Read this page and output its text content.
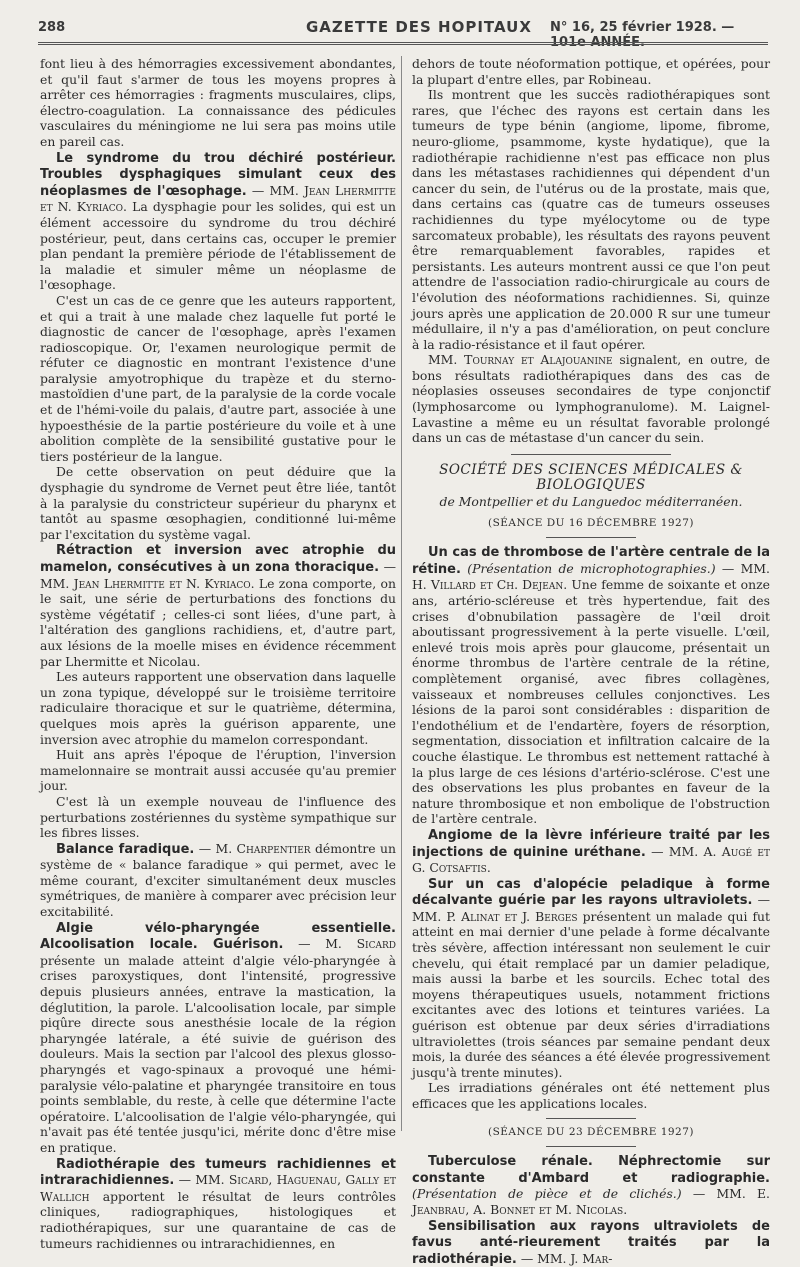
288	GAZETTE DES HOPITAUX N° 16, 25 février 1928. — 101e ANNÉE.

font lieu à des hémorragies excessivement abondantes, et qu'il faut s'armer de tous les moyens propres à arrêter ces hémorragies : fragments musculaires, clips, électro-coagulation. La connaissance des pédicules vasculaires du méningiome ne lui sera pas moins utile en pareil cas.

Le syndrome du trou déchiré postérieur. Troubles dysphagiques simulant ceux des néoplasmes de l'œsophage. — MM. Jean Lhermitte et N. Kyriaco. La dysphagie pour les solides, qui est un élément accessoire du syndrome du trou déchiré postérieur, peut, dans certains cas, occuper le premier plan pendant la première période de l'établissement de la maladie et simuler même un néoplasme de l'œsophage.

C'est un cas de ce genre que les auteurs rapportent, et qui a trait à une malade chez laquelle fut porté le diagnostic de cancer de l'œsophage, après l'examen radioscopique. Or, l'examen neurologique permit de réfuter ce diagnostic en montrant l'existence d'une paralysie amyotrophique du trapèze et du sterno-mastoïdien d'une part, de la paralysie de la corde vocale et de l'hémi-voile du palais, d'autre part, associée à une hypoesthésie de la partie postérieure du voile et à une abolition complète de la sensibilité gustative pour le tiers postérieur de la langue.

De cette observation on peut déduire que la dysphagie du syndrome de Vernet peut être liée, tantôt à la paralysie du constricteur supérieur du pharynx et tantôt au spasme œsophagien, conditionné lui-même par l'excitation du système vagal.

Rétraction et inversion avec atrophie du mamelon, consécutives à un zona thoracique. — MM. Jean Lhermitte et N. Kyriaco. Le zona comporte, on le sait, une série de perturbations des fonctions du système végétatif ; celles-ci sont liées, d'une part, à l'altération des ganglions rachidiens, et, d'autre part, aux lésions de la moelle mises en évidence récemment par Lhermitte et Nicolau.

Les auteurs rapportent une observation dans laquelle un zona typique, développé sur le troisième territoire radiculaire thoracique et sur le quatrième, détermina, quelques mois après la guérison apparente, une inversion avec atrophie du mamelon correspondant.

Huit ans après l'époque de l'éruption, l'inversion mamelonnaire se montrait aussi accusée qu'au premier jour.

C'est là un exemple nouveau de l'influence des perturbations zostériennes du système sympathique sur les fibres lisses.

Balance faradique. — M. Charpentier démontre un système de « balance faradique » qui permet, avec le même courant, d'exciter simultanément deux muscles symétriques, de manière à comparer avec précision leur excitabilité.

Algie vélo-pharyngée essentielle. Alcoolisation locale. Guérison. — M. Sicard présente un malade atteint d'algie vélo-pharyngée à crises paroxystiques, dont l'intensité, progressive depuis plusieurs années, entrave la mastication, la déglutition, la parole. L'alcoolisation locale, par simple piqûre directe sous anesthésie locale de la région pharyngée latérale, a été suivie de guérison des douleurs. Mais la section par l'alcool des plexus glosso-pharyngés et vago-spinaux a provoqué une hémi-paralysie vélo-palatine et pharyngée transitoire en tous points semblable, du reste, à celle que détermine l'acte opératoire. L'alcoolisation de l'algie vélo-pharyngée, qui n'avait pas été tentée jusqu'ici, mérite donc d'être mise en pratique.

Radiothérapie des tumeurs rachidiennes et intrarachidiennes. — MM. Sicard, Haguenau, Gally et Wallich apportent le résultat de leurs contrôles cliniques, radiographiques, histologiques et radiothérapiques, sur une quarantaine de cas de tumeurs rachidiennes ou intrarachidiennes, en

dehors de toute néoformation pottique, et opérées, pour la plupart d'entre elles, par Robineau.

Ils montrent que les succès radiothérapiques sont rares, que l'échec des rayons est certain dans les tumeurs de type bénin (angiome, lipome, fibrome, neuro-gliome, psammome, kyste hydatique), que la radiothérapie rachidienne n'est pas efficace non plus dans les métastases rachidiennes qui dépendent d'un cancer du sein, de l'utérus ou de la prostate, mais que, dans certains cas (quatre cas de tumeurs osseuses rachidiennes du type myélocytome ou de type sarcomateux probable), les résultats des rayons peuvent être remarquablement favorables, rapides et persistants. Les auteurs montrent aussi ce que l'on peut attendre de l'association radio-chirurgicale au cours de l'évolution des néoformations rachidiennes. Si, quinze jours après une application de 20.000 R sur une tumeur médullaire, il n'y a pas d'amélioration, on peut conclure à la radio-résistance et il faut opérer.

MM. Tournay et Alajouanine signalent, en outre, de bons résultats radiothérapiques dans des cas de néoplasies osseuses secondaires de type conjonctif (lymphosarcome ou lymphogranulome). M. Laignel-Lavastine a même eu un résultat favorable prolongé dans un cas de métastase d'un cancer du sein.

SOCIÉTÉ DES SCIENCES MÉDICALES & BIOLOGIQUES
de Montpellier et du Languedoc méditerranéen.
(SÉANCE DU 16 DÉCEMBRE 1927)

Un cas de thrombose de l'artère centrale de la rétine. (Présentation de microphotographies.) — MM. H. Villard et Ch. Dejean. Une femme de soixante et onze ans, artério-scléreuse et très hypertendue, fait des crises d'obnubilation passagère de l'œil droit aboutissant progressivement à la perte visuelle. L'œil, enlevé trois mois après pour glaucome, présentait un énorme thrombus de l'artère centrale de la rétine, complètement organisé, avec fibres collagènes, vaisseaux et nombreuses cellules conjonctives. Les lésions de la paroi sont considérables : disparition de l'endothélium et de l'endartère, foyers de résorption, segmentation, dissociation et infiltration calcaire de la couche élastique. Le thrombus est nettement rattaché à la plus large de ces lésions d'artério-sclérose. C'est une des observations les plus probantes en faveur de la nature thrombosique et non embolique de l'obstruction de l'artère centrale.

Angiome de la lèvre inférieure traité par les injections de quinine uréthane. — MM. A. Augé et G. Cotsaftis.

Sur un cas d'alopécie peladique à forme décalvante guérie par les rayons ultraviolets. — MM. P. Alinat et J. Berges présentent un malade qui fut atteint en mai dernier d'une pelade à forme décalvante très sévère, affection intéressant non seulement le cuir chevelu, qui était remplacé par un damier peladique, mais aussi la barbe et les sourcils. Echec total des moyens thérapeutiques usuels, notamment frictions excitantes avec des lotions et teintures variées. La guérison est obtenue par deux séries d'irradiations ultraviolettes (trois séances par semaine pendant deux mois, la durée des séances a été élevée progressivement jusqu'à trente minutes).

Les irradiations générales ont été nettement plus efficaces que les applications locales.

(SÉANCE DU 23 DÉCEMBRE 1927)

Tuberculose rénale. Néphrectomie sur constante d'Ambard et radiographie. (Présentation de pièce et de clichés.) — MM. E. Jeanbrau, A. Bonnet et M. Nicolas.

Sensibilisation aux rayons ultraviolets de favus anté-rieurement traités par la radiothérapie. — MM. J. Mar-
